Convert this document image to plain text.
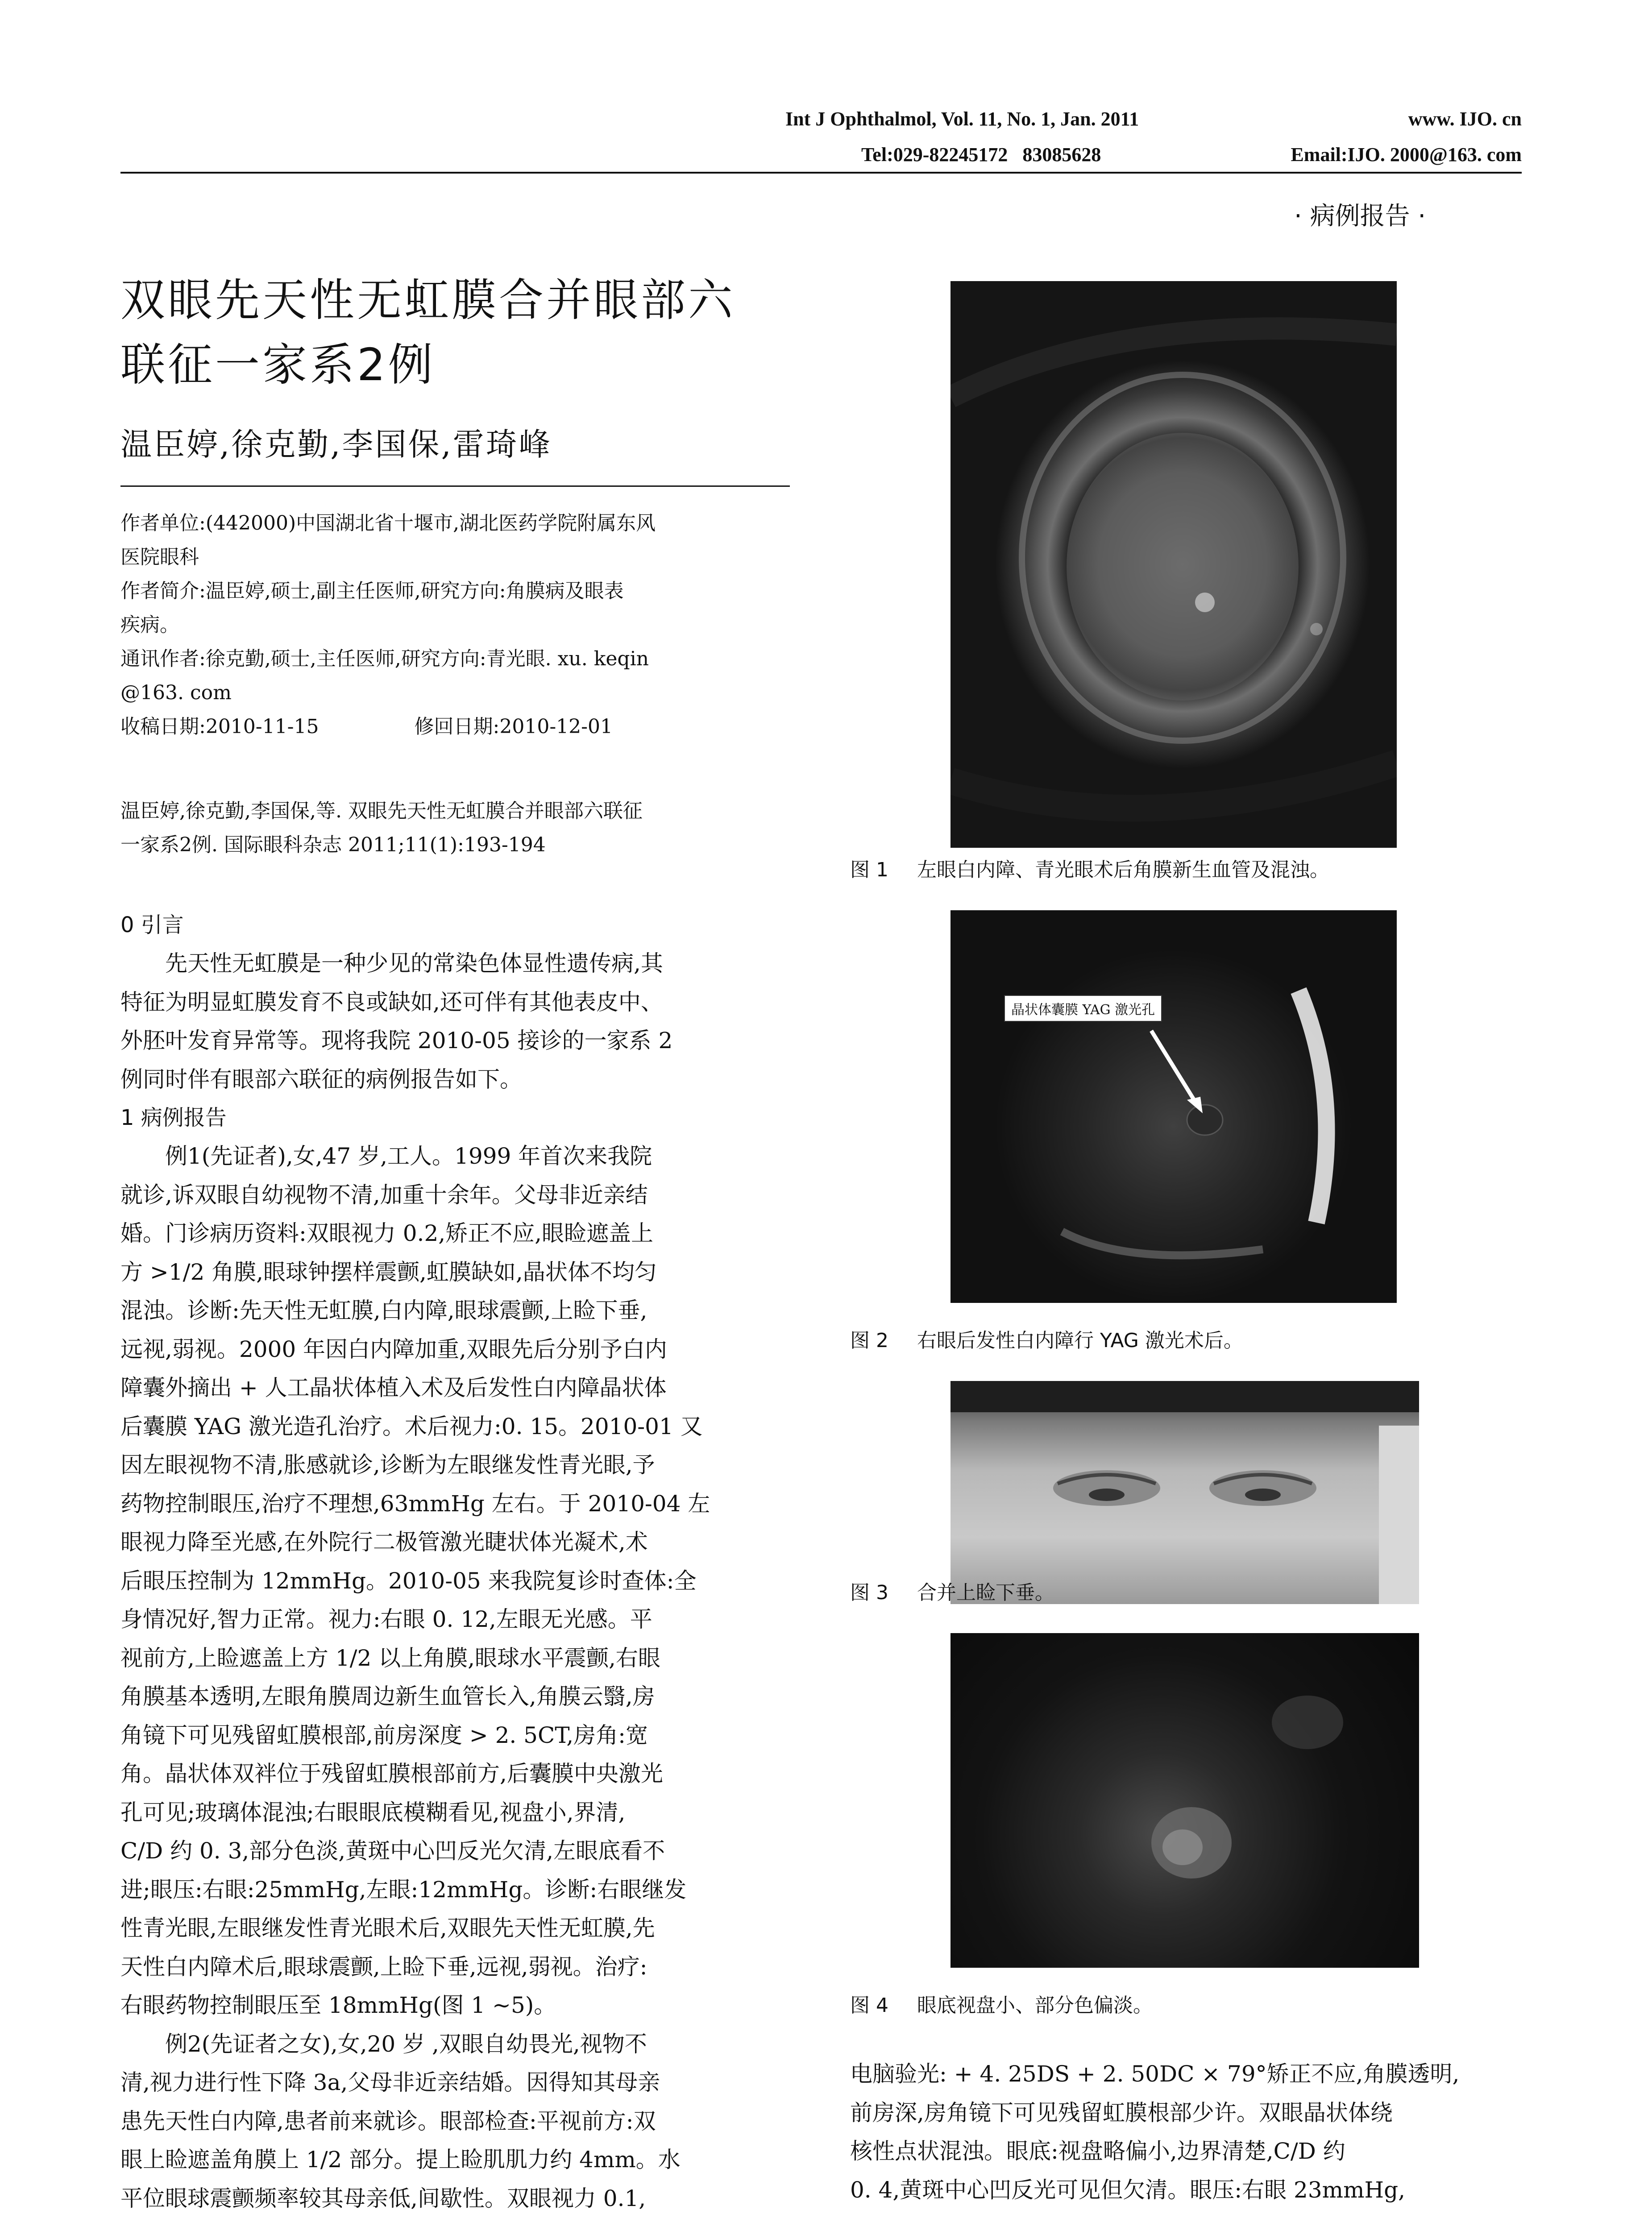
Int J Ophthalmol, Vol. 11, No. 1, Jan. 2011	www. IJO. cn
Tel:029-82245172   83085628	Email:IJO. 2000@163. com
· 病例报告 ·
双眼先天性无虹膜合并眼部六
联征一家系2例
温臣婷,徐克勤,李国保,雷琦峰
作者单位:(442000)中国湖北省十堰市,湖北医药学院附属东风
医院眼科
作者简介:温臣婷,硕士,副主任医师,研究方向:角膜病及眼表
疾病。
通讯作者:徐克勤,硕士,主任医师,研究方向:青光眼. xu. keqin
@163. com
收稿日期:2010-11-15	修回日期:2010-12-01
温臣婷,徐克勤,李国保,等. 双眼先天性无虹膜合并眼部六联征
一家系2例. 国际眼科杂志 2011;11(1):193-194
0 引言
先天性无虹膜是一种少见的常染色体显性遗传病,其
特征为明显虹膜发育不良或缺如,还可伴有其他表皮中、
外胚叶发育异常等。现将我院 2010-05 接诊的一家系 2
例同时伴有眼部六联征的病例报告如下。
1 病例报告
例1(先证者),女,47 岁,工人。1999 年首次来我院
就诊,诉双眼自幼视物不清,加重十余年。父母非近亲结
婚。门诊病历资料:双眼视力 0.2,矫正不应,眼睑遮盖上
方 >1/2 角膜,眼球钟摆样震颤,虹膜缺如,晶状体不均匀
混浊。诊断:先天性无虹膜,白内障,眼球震颤,上睑下垂,
远视,弱视。2000 年因白内障加重,双眼先后分别予白内
障囊外摘出 + 人工晶状体植入术及后发性白内障晶状体
后囊膜 YAG 激光造孔治疗。术后视力:0. 15。2010-01 又
因左眼视物不清,胀感就诊,诊断为左眼继发性青光眼,予
药物控制眼压,治疗不理想,63mmHg 左右。于 2010-04 左
眼视力降至光感,在外院行二极管激光睫状体光凝术,术
后眼压控制为 12mmHg。2010-05 来我院复诊时查体:全
身情况好,智力正常。视力:右眼 0. 12,左眼无光感。平
视前方,上睑遮盖上方 1/2 以上角膜,眼球水平震颤,右眼
角膜基本透明,左眼角膜周边新生血管长入,角膜云翳,房
角镜下可见残留虹膜根部,前房深度 > 2. 5CT,房角:宽
角。晶状体双袢位于残留虹膜根部前方,后囊膜中央激光
孔可见;玻璃体混浊;右眼眼底模糊看见,视盘小,界清,
C/D 约 0. 3,部分色淡,黄斑中心凹反光欠清,左眼底看不
进;眼压:右眼:25mmHg,左眼:12mmHg。诊断:右眼继发
性青光眼,左眼继发性青光眼术后,双眼先天性无虹膜,先
天性白内障术后,眼球震颤,上睑下垂,远视,弱视。治疗:
右眼药物控制眼压至 18mmHg(图 1 ~5)。
例2(先证者之女),女,20 岁 ,双眼自幼畏光,视物不
清,视力进行性下降 3a,父母非近亲结婚。因得知其母亲
患先天性白内障,患者前来就诊。眼部检查:平视前方:双
眼上睑遮盖角膜上 1/2 部分。提上睑肌肌力约 4mm。水
平位眼球震颤频率较其母亲低,间歇性。双眼视力 0.1,
图 1 左眼白内障、青光眼术后角膜新生血管及混浊。
晶状体囊膜 YAG 激光孔
图 2 右眼后发性白内障行 YAG 激光术后。
图 3 合并上睑下垂。
图 4 眼底视盘小、部分色偏淡。
电脑验光: + 4. 25DS + 2. 50DC × 79°矫正不应,角膜透明,
前房深,房角镜下可见残留虹膜根部少许。双眼晶状体绕
核性点状混浊。眼底:视盘略偏小,边界清楚,C/D 约
0. 4,黄斑中心凹反光可见但欠清。眼压:右眼 23mmHg,
